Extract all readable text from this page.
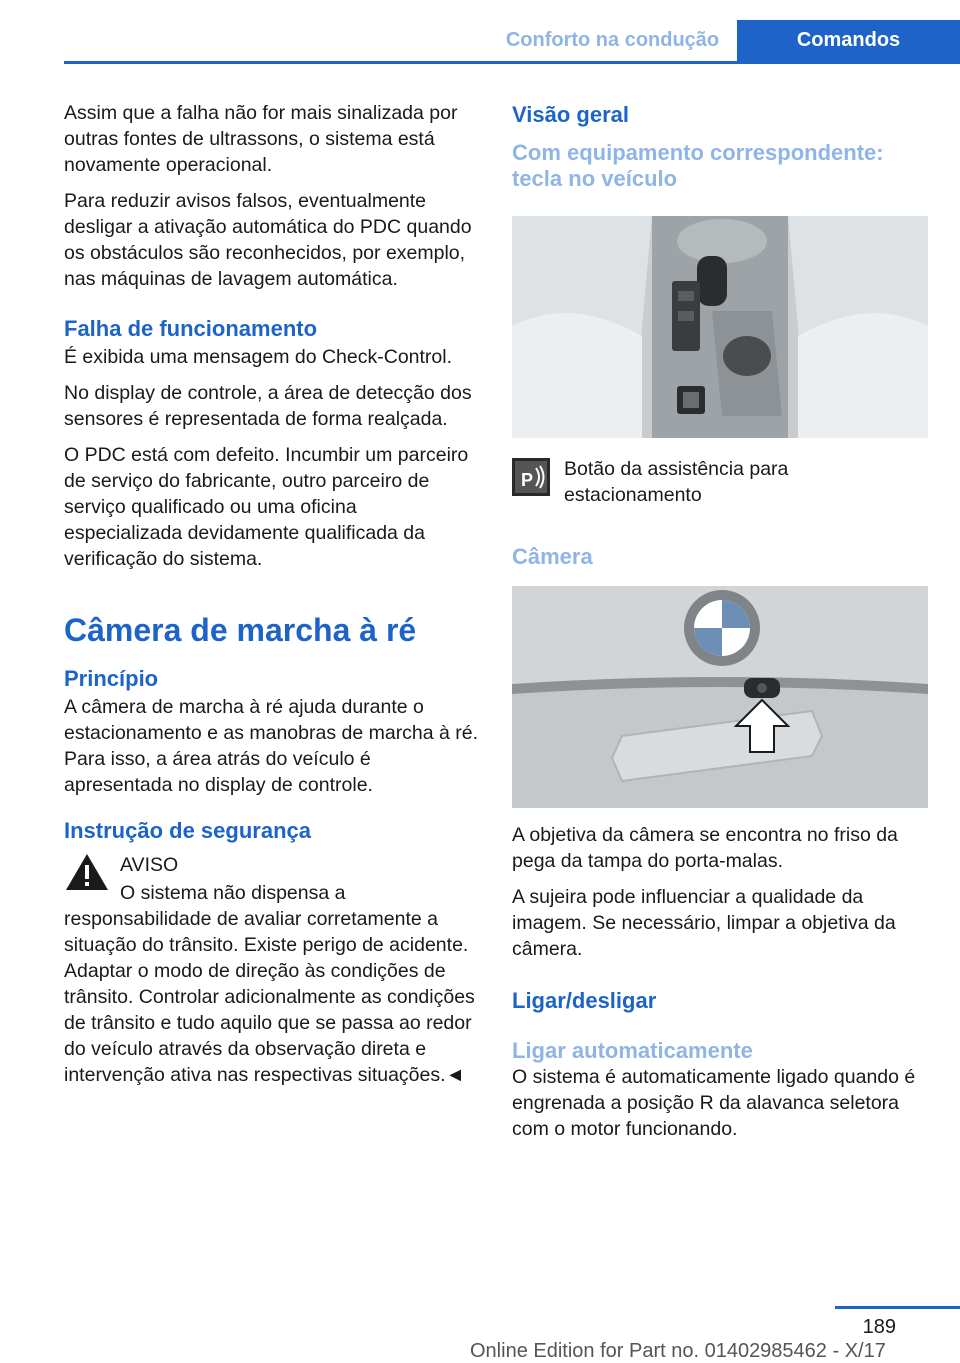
Conforto na condução	Comandos

Assim que a falha não for mais sinalizada por outras fontes de ultrassons, o sistema está novamente operacional.

Para reduzir avisos falsos, eventualmente desligar a ativação automática do PDC quando os obstáculos são reconhecidos, por exemplo, nas máquinas de lavagem automática.

Falha de funcionamento

É exibida uma mensagem do Check-Control.

No display de controle, a área de detecção dos sensores é representada de forma realçada.

O PDC está com defeito. Incumbir um parceiro de serviço do fabricante, outro parceiro de serviço qualificado ou uma oficina especializada devidamente qualificada da verificação do sistema.

Câmera de marcha à ré
Princípio

A câmera de marcha à ré ajuda durante o estacionamento e as manobras de marcha à ré. Para isso, a área atrás do veículo é apresentada no display de controle.

Instrução de segurança
AVISO

O sistema não dispensa a responsabilidade de avaliar corretamente a situação do trânsito. Existe perigo de acidente. Adaptar o modo de direção às condições de trânsito. Controlar adicionalmente as condições de trânsito e tudo aquilo que se passa ao redor do veículo através da observação direta e intervenção ativa nas respectivas situações.◄

Visão geral
Com equipamento correspondente: tecla no veículo
P Botão da assistência para estacionamento

Câmera

A objetiva da câmera se encontra no friso da pega da tampa do porta-malas.

A sujeira pode influenciar a qualidade da imagem. Se necessário, limpar a objetiva da câmera.

Ligar/desligar
Ligar automaticamente

O sistema é automaticamente ligado quando é engrenada a posição R da alavanca seletora com o motor funcionando.

189
Online Edition for Part no. 01402985462 - X/17
